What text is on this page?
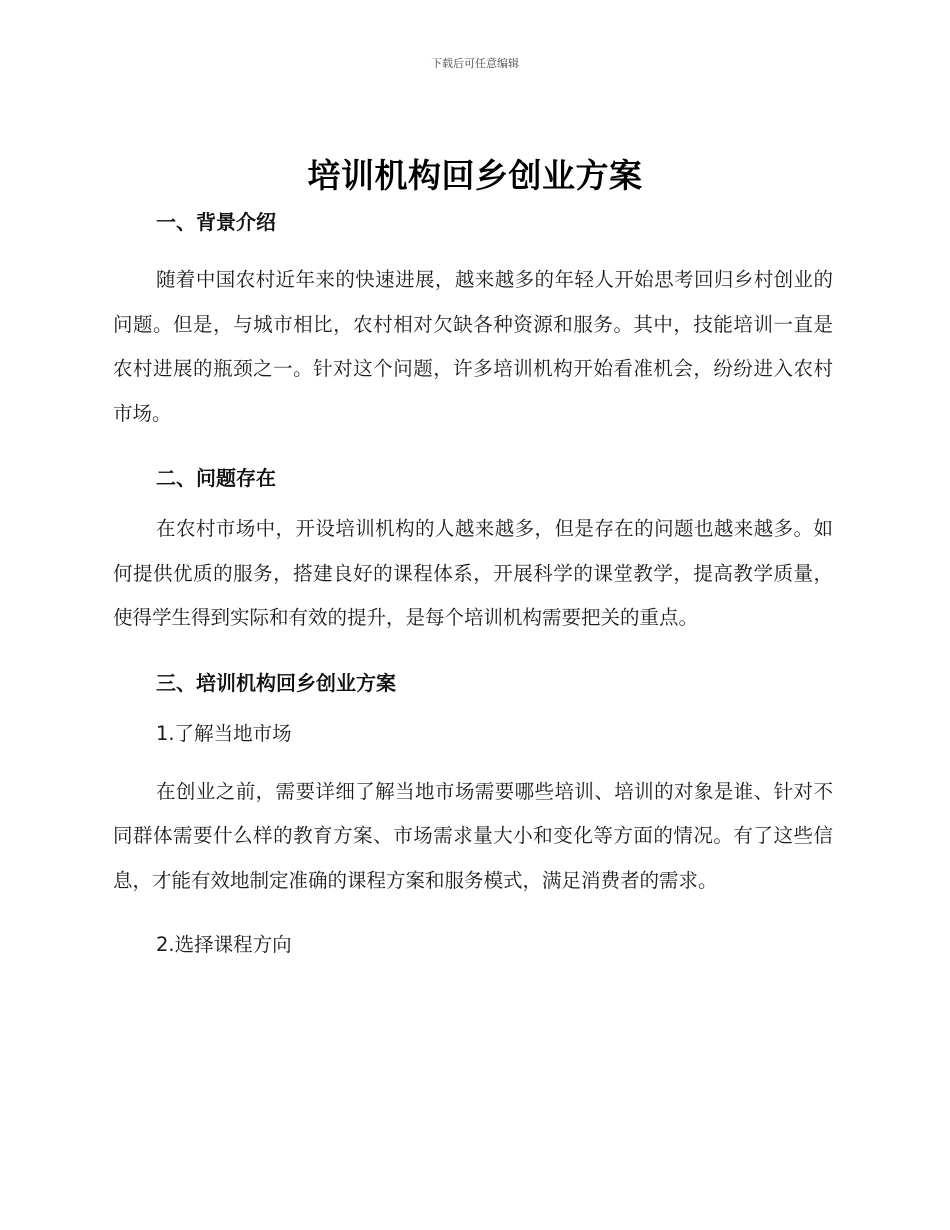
下载后可任意编辑
培训机构回乡创业方案
一、背景介绍

随着中国农村近年来的快速进展，越来越多的年轻人开始思考回归乡村创业的问题。但是，与城市相比，农村相对欠缺各种资源和服务。其中，技能培训一直是农村进展的瓶颈之一。针对这个问题，许多培训机构开始看准机会，纷纷进入农村市场。

二、问题存在

在农村市场中，开设培训机构的人越来越多，但是存在的问题也越来越多。如何提供优质的服务，搭建良好的课程体系，开展科学的课堂教学，提高教学质量，使得学生得到实际和有效的提升，是每个培训机构需要把关的重点。

三、培训机构回乡创业方案
1.了解当地市场

在创业之前，需要详细了解当地市场需要哪些培训、培训的对象是谁、针对不同群体需要什么样的教育方案、市场需求量大小和变化等方面的情况。有了这些信息，才能有效地制定准确的课程方案和服务模式，满足消费者的需求。

2.选择课程方向
